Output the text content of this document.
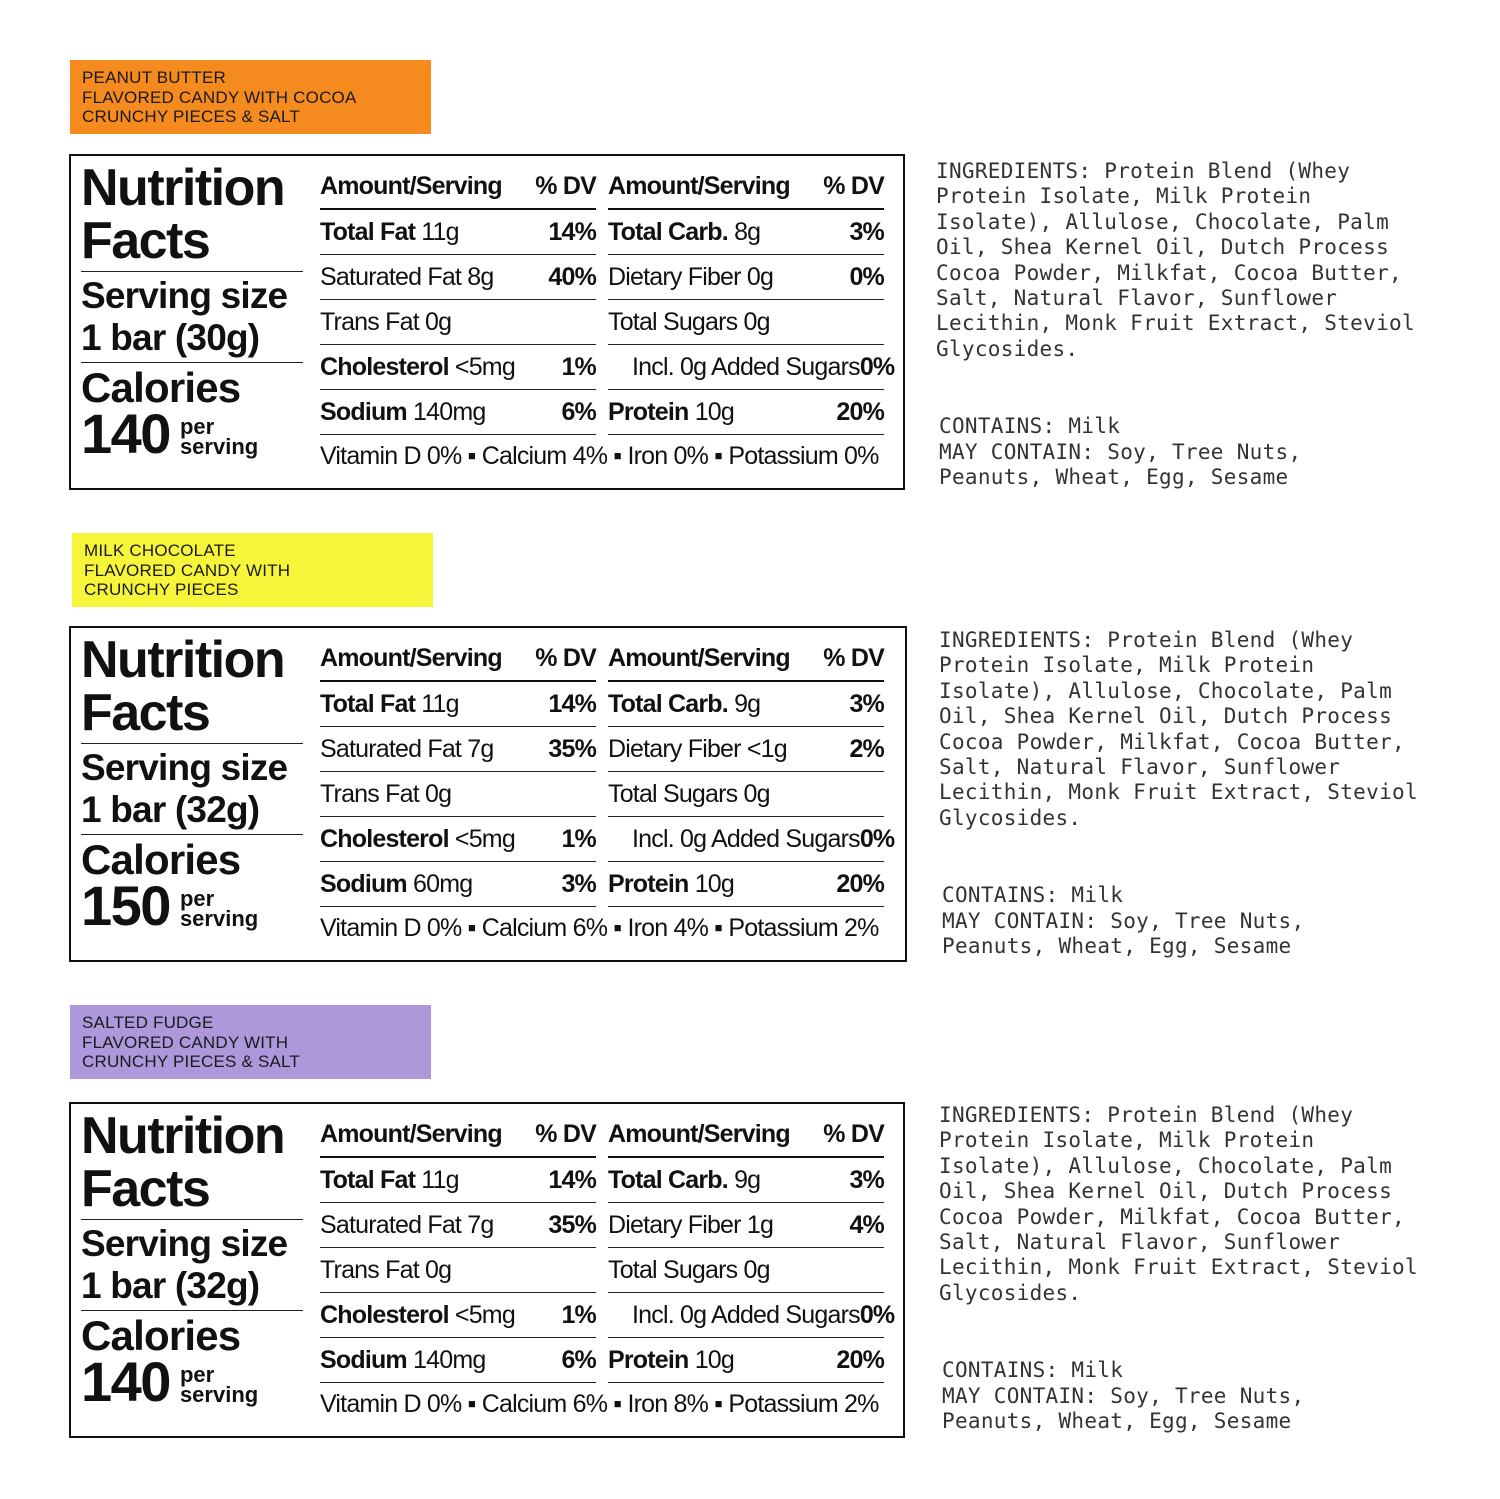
PEANUT BUTTER
FLAVORED CANDY WITH COCOA
CRUNCHY PIECES & SALT
Nutrition
Facts
Serving size
1 bar (30g)
Calories
140 per
serving
Amount/Serving % DV
Total Fat 11g	14%
Saturated Fat 8g 40%
Trans Fat 0g
Cholesterol <5mg 1%
Sodium 140mg	6%
Amount/Serving % DV
Total Carb. 8g	3%
Dietary Fiber 0g	0%
Total Sugars 0g
Incl. 0g Added Sugars 0%
Protein 10g	20%
Vitamin D 0% ▪ Calcium 4% ▪ Iron 0% ▪ Potassium 0%
INGREDIENTS: Protein Blend (Whey
Protein Isolate, Milk Protein
Isolate), Allulose, Chocolate, Palm
Oil, Shea Kernel Oil, Dutch Process
Cocoa Powder, Milkfat, Cocoa Butter,
Salt, Natural Flavor, Sunflower
Lecithin, Monk Fruit Extract, Steviol
Glycosides.
CONTAINS: Milk
MAY CONTAIN: Soy, Tree Nuts,
Peanuts, Wheat, Egg, Sesame
MILK CHOCOLATE
FLAVORED CANDY WITH
CRUNCHY PIECES
Nutrition
Facts
Serving size
1 bar (32g)
Calories
150 per
serving
Amount/Serving % DV
Total Fat 11g	14%
Saturated Fat 7g 35%
Trans Fat 0g
Cholesterol <5mg 1%
Sodium 60mg	3%
Amount/Serving % DV
Total Carb. 9g	3%
Dietary Fiber <1g	2%
Total Sugars 0g
Incl. 0g Added Sugars 0%
Protein 10g	20%
Vitamin D 0% ▪ Calcium 6% ▪ Iron 4% ▪ Potassium 2%
INGREDIENTS: Protein Blend (Whey
Protein Isolate, Milk Protein
Isolate), Allulose, Chocolate, Palm
Oil, Shea Kernel Oil, Dutch Process
Cocoa Powder, Milkfat, Cocoa Butter,
Salt, Natural Flavor, Sunflower
Lecithin, Monk Fruit Extract, Steviol
Glycosides.
CONTAINS: Milk
MAY CONTAIN: Soy, Tree Nuts,
Peanuts, Wheat, Egg, Sesame
SALTED FUDGE
FLAVORED CANDY WITH
CRUNCHY PIECES & SALT
Nutrition
Facts
Serving size
1 bar (32g)
Calories
140 per
serving
Amount/Serving % DV
Total Fat 11g	14%
Saturated Fat 7g 35%
Trans Fat 0g
Cholesterol <5mg 1%
Sodium 140mg	6%
Amount/Serving % DV
Total Carb. 9g	3%
Dietary Fiber 1g	4%
Total Sugars 0g
Incl. 0g Added Sugars 0%
Protein 10g	20%
Vitamin D 0% ▪ Calcium 6% ▪ Iron 8% ▪ Potassium 2%
INGREDIENTS: Protein Blend (Whey
Protein Isolate, Milk Protein
Isolate), Allulose, Chocolate, Palm
Oil, Shea Kernel Oil, Dutch Process
Cocoa Powder, Milkfat, Cocoa Butter,
Salt, Natural Flavor, Sunflower
Lecithin, Monk Fruit Extract, Steviol
Glycosides.
CONTAINS: Milk
MAY CONTAIN: Soy, Tree Nuts,
Peanuts, Wheat, Egg, Sesame
